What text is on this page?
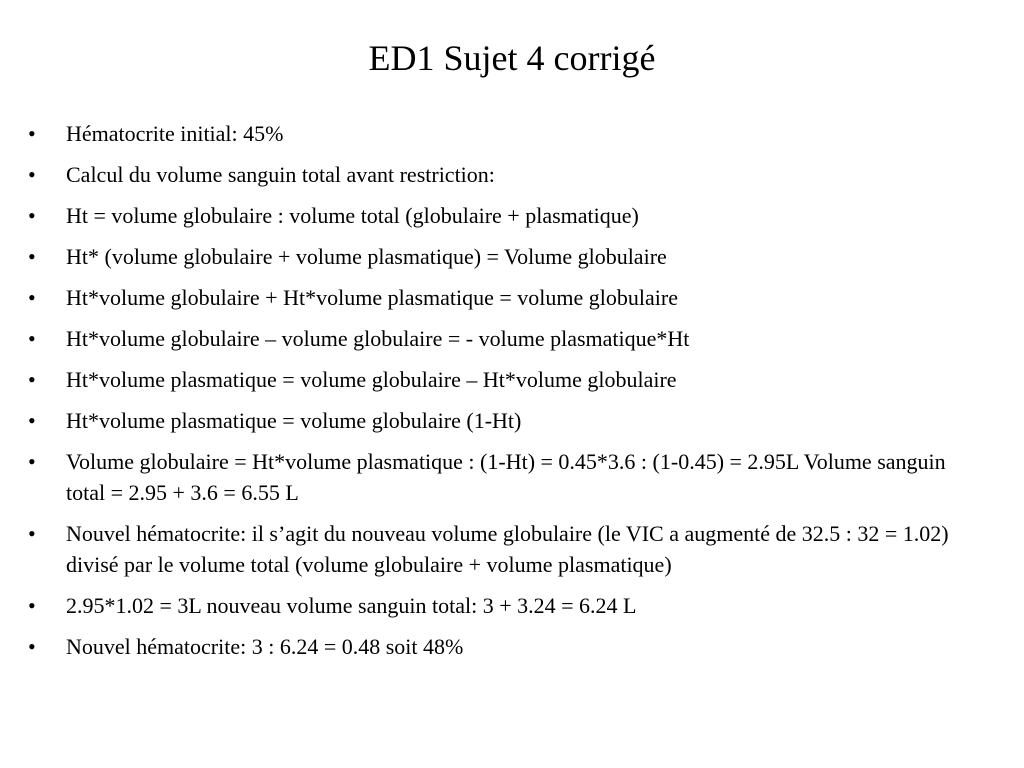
ED1 Sujet 4 corrigé
•	Hématocrite initial: 45%
•	Calcul du volume sanguin total avant restriction:
•	Ht = volume globulaire : volume total (globulaire + plasmatique)
•	Ht* (volume globulaire + volume plasmatique) = Volume globulaire
•	Ht*volume globulaire + Ht*volume plasmatique = volume globulaire
•	Ht*volume globulaire – volume globulaire = - volume plasmatique*Ht
•	Ht*volume plasmatique = volume globulaire – Ht*volume globulaire
•	Ht*volume plasmatique = volume globulaire (1-Ht)
•	Volume globulaire = Ht*volume plasmatique : (1-Ht) = 0.45*3.6 : (1-0.45) = 2.95L Volume sanguin total = 2.95 + 3.6 = 6.55 L
•	Nouvel hématocrite: il s’agit du nouveau volume globulaire (le VIC a augmenté de 32.5 : 32 = 1.02) divisé par le volume total (volume globulaire + volume plasmatique)
•	2.95*1.02 = 3L nouveau volume sanguin total: 3 + 3.24 = 6.24 L
•	Nouvel hématocrite: 3 : 6.24 = 0.48 soit 48%
